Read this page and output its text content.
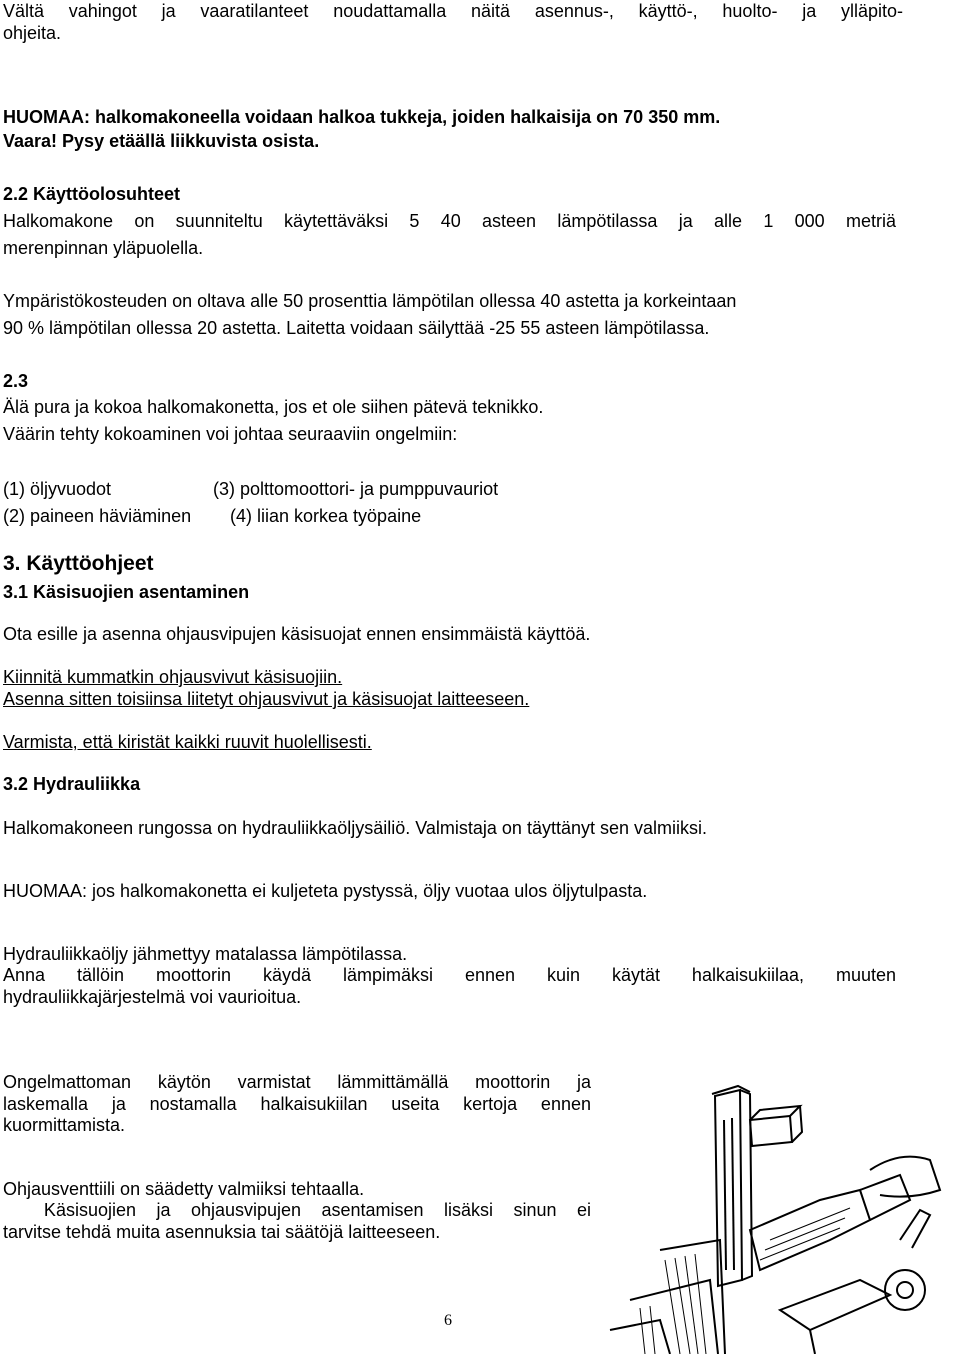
Vältä vahingot ja vaaratilanteet noudattamalla näitä asennus-, käyttö-, huolto- ja ylläpito-
ohjeita.
HUOMAA: halkomakoneella voidaan halkoa tukkeja, joiden halkaisija on 70 350 mm.
Vaara! Pysy etäällä liikkuvista osista.
2.2 Käyttöolosuhteet
Halkomakone on suunniteltu käytettäväksi 5 40 asteen lämpötilassa ja alle 1 000 metriä
merenpinnan yläpuolella.
Ympäristökosteuden on oltava alle 50 prosenttia lämpötilan ollessa 40 astetta ja korkeintaan
90 % lämpötilan ollessa 20 astetta. Laitetta voidaan säilyttää -25 55 asteen lämpötilassa.
2.3
Älä pura ja kokoa halkomakonetta, jos et ole siihen pätevä teknikko.
Väärin tehty kokoaminen voi johtaa seuraaviin ongelmiin:
(1) öljyvuodot	(3) polttomoottori- ja pumppuvauriot
(2) paineen häviäminen (4) liian korkea työpaine
3. Käyttöohjeet
3.1 Käsisuojien asentaminen
Ota esille ja asenna ohjausvipujen käsisuojat ennen ensimmäistä käyttöä.
Kiinnitä kummatkin ohjausvivut käsisuojiin.
Asenna sitten toisiinsa liitetyt ohjausvivut ja käsisuojat laitteeseen.
Varmista, että kiristät kaikki ruuvit huolellisesti.
3.2 Hydrauliikka
Halkomakoneen rungossa on hydrauliikkaöljysäiliö. Valmistaja on täyttänyt sen valmiiksi.
HUOMAA: jos halkomakonetta ei kuljeteta pystyssä, öljy vuotaa ulos öljytulpasta.
Hydrauliikkaöljy jähmettyy matalassa lämpötilassa.
Anna tällöin moottorin käydä lämpimäksi ennen kuin käytät halkaisukiilaa, muuten
hydrauliikkajärjestelmä voi vaurioitua.
Ongelmattoman käytön varmistat lämmittämällä moottorin ja
laskemalla ja nostamalla halkaisukiilan useita kertoja ennen
kuormittamista.
Ohjausventtiili on säädetty valmiiksi tehtaalla.
Käsisuojien ja ohjausvipujen asentamisen lisäksi sinun ei
tarvitse tehdä muita asennuksia tai säätöjä laitteeseen.
6
